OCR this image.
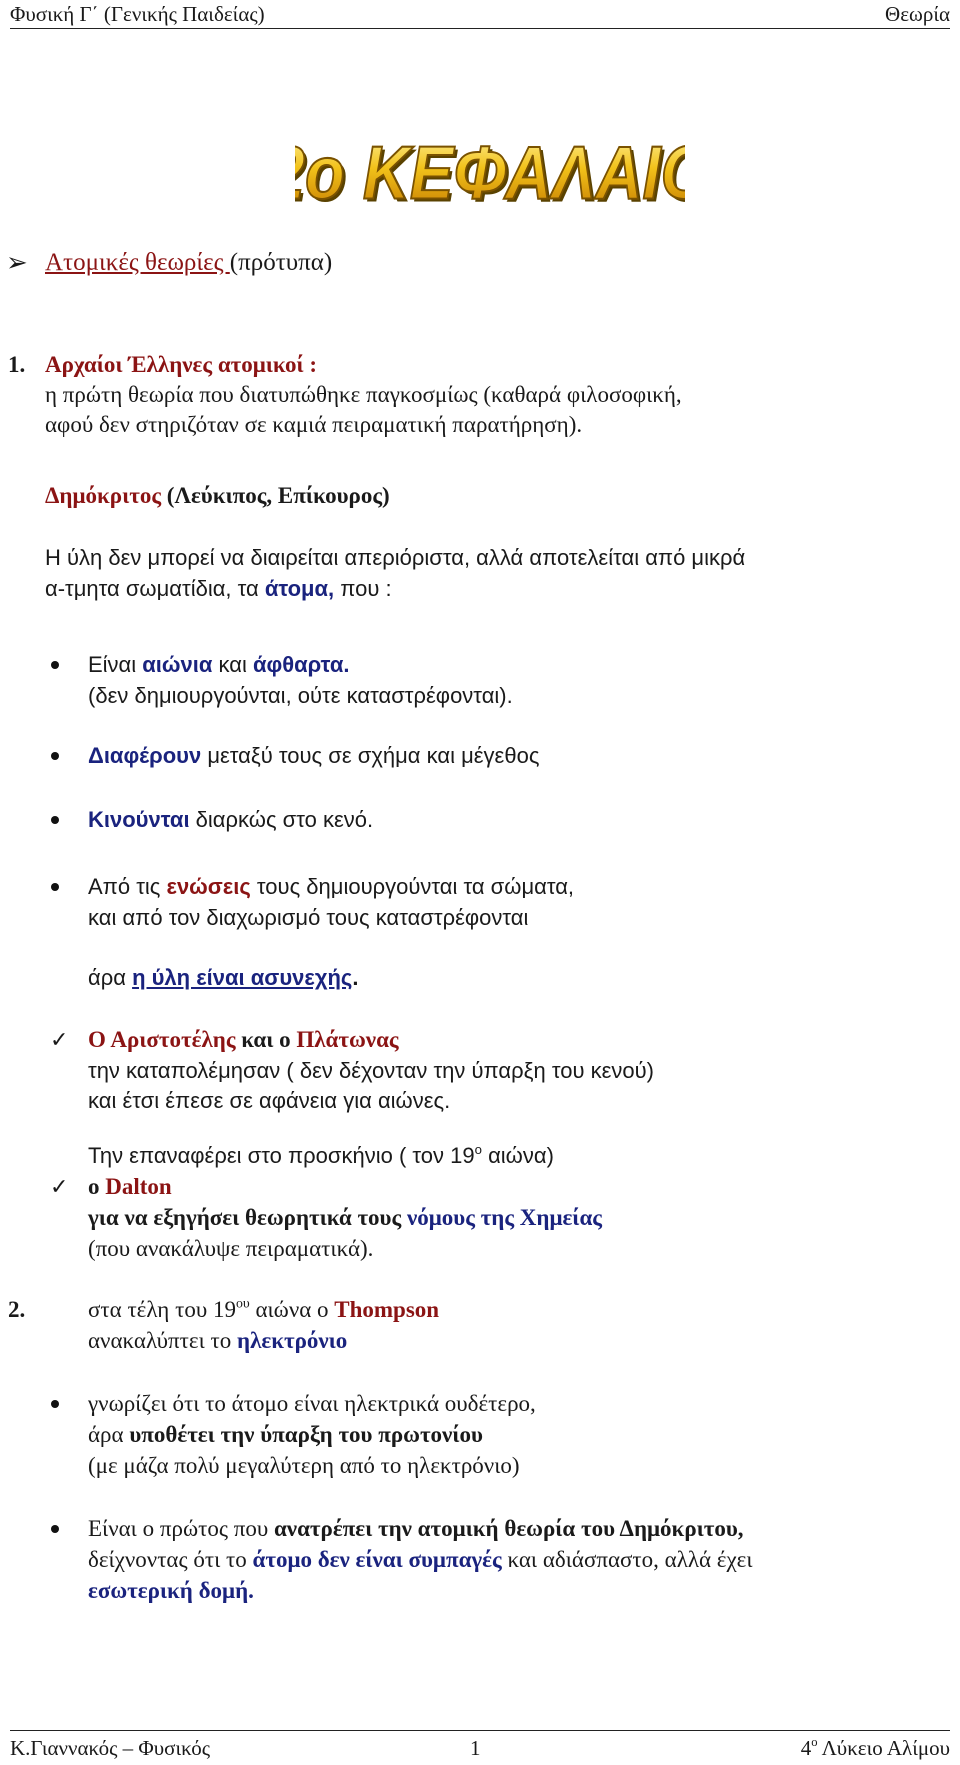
Φυσική Γ΄ (Γενικής Παιδείας)	Θεωρία
ο ΚΕΦΑΛΑΙΟ
ο ΚΕΦΑΛΑΙΟ
➢ Ατομικές θεωρίες (πρότυπα)
1. Αρχαίοι Έλληνες ατομικοί :
η πρώτη θεωρία που διατυπώθηκε παγκοσμίως (καθαρά φιλοσοφική,
αφού δεν στηριζόταν σε καμιά πειραματική παρατήρηση).
Δημόκριτος (Λεύκιπος, Επίκουρος)
Η ύλη δεν μπορεί να διαιρείται απεριόριστα, αλλά αποτελείται από μικρά
α-τμητα σωματίδια, τα άτομα, που :
Είναι αιώνια και άφθαρτα.
(δεν δημιουργούνται, ούτε καταστρέφονται).
Διαφέρουν μεταξύ τους σε σχήμα και μέγεθος
Κινούνται διαρκώς στο κενό.
Από τις ενώσεις τους δημιουργούνται τα σώματα,
και από τον διαχωρισμό τους καταστρέφονται
άρα η ύλη είναι ασυνεχής.
✓ Ο Αριστοτέλης και ο Πλάτωνας
την καταπολέμησαν ( δεν δέχονταν την ύπαρξη του κενού)
και έτσι έπεσε σε αφάνεια για αιώνες.
Την επαναφέρει στο προσκήνιο ( τον $19^o$ αιώνα)
✓ ο Dalton
για να εξηγήσει θεωρητικά τους νόμους της Χημείας
(που ανακάλυψε πειραματικά).
2.	στα τέλη του $19^{o\upsilon}$ αιώνα ο Thompson
ανακαλύπτει το ηλεκτρόνιο
γνωρίζει ότι το άτομο είναι ηλεκτρικά ουδέτερο,
άρα υποθέτει την ύπαρξη του πρωτονίου
(με μάζα πολύ μεγαλύτερη από το ηλεκτρόνιο)
Είναι ο πρώτος που ανατρέπει την ατομική θεωρία του Δημόκριτου,
δείχνοντας ότι το άτομο δεν είναι συμπαγές και αδιάσπαστο, αλλά έχει
εσωτερική δομή.
Κ.Γιαννακός – Φυσικός	1	$4^o$ Λύκειο Αλίμου
